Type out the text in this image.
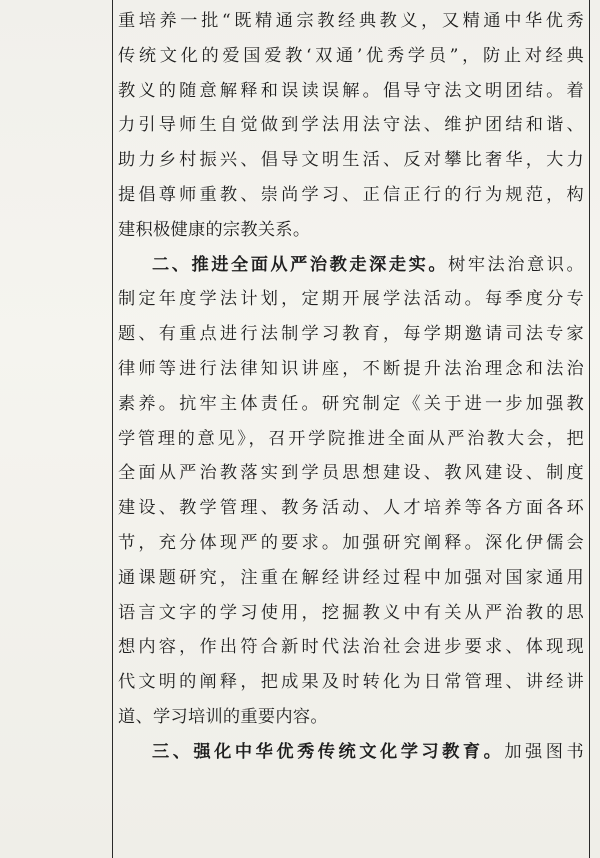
重培养一批“既精通宗教经典教义，又精通中华优秀
传统文化的爱国爱教‘双通’优秀学员”，防止对经典
教义的随意解释和误读误解。倡导守法文明团结。着
力引导师生自觉做到学法用法守法、维护团结和谐、
助力乡村振兴、倡导文明生活、反对攀比奢华，大力
提倡尊师重教、崇尚学习、正信正行的行为规范，构
建积极健康的宗教关系。
二、推进全面从严治教走深走实。树牢法治意识。
制定年度学法计划，定期开展学法活动。每季度分专
题、有重点进行法制学习教育，每学期邀请司法专家
律师等进行法律知识讲座，不断提升法治理念和法治
素养。抗牢主体责任。研究制定《关于进一步加强教
学管理的意见》，召开学院推进全面从严治教大会，把
全面从严治教落实到学员思想建设、教风建设、制度
建设、教学管理、教务活动、人才培养等各方面各环
节，充分体现严的要求。加强研究阐释。深化伊儒会
通课题研究，注重在解经讲经过程中加强对国家通用
语言文字的学习使用，挖掘教义中有关从严治教的思
想内容，作出符合新时代法治社会进步要求、体现现
代文明的阐释，把成果及时转化为日常管理、讲经讲
道、学习培训的重要内容。
三、强化中华优秀传统文化学习教育。加强图书
